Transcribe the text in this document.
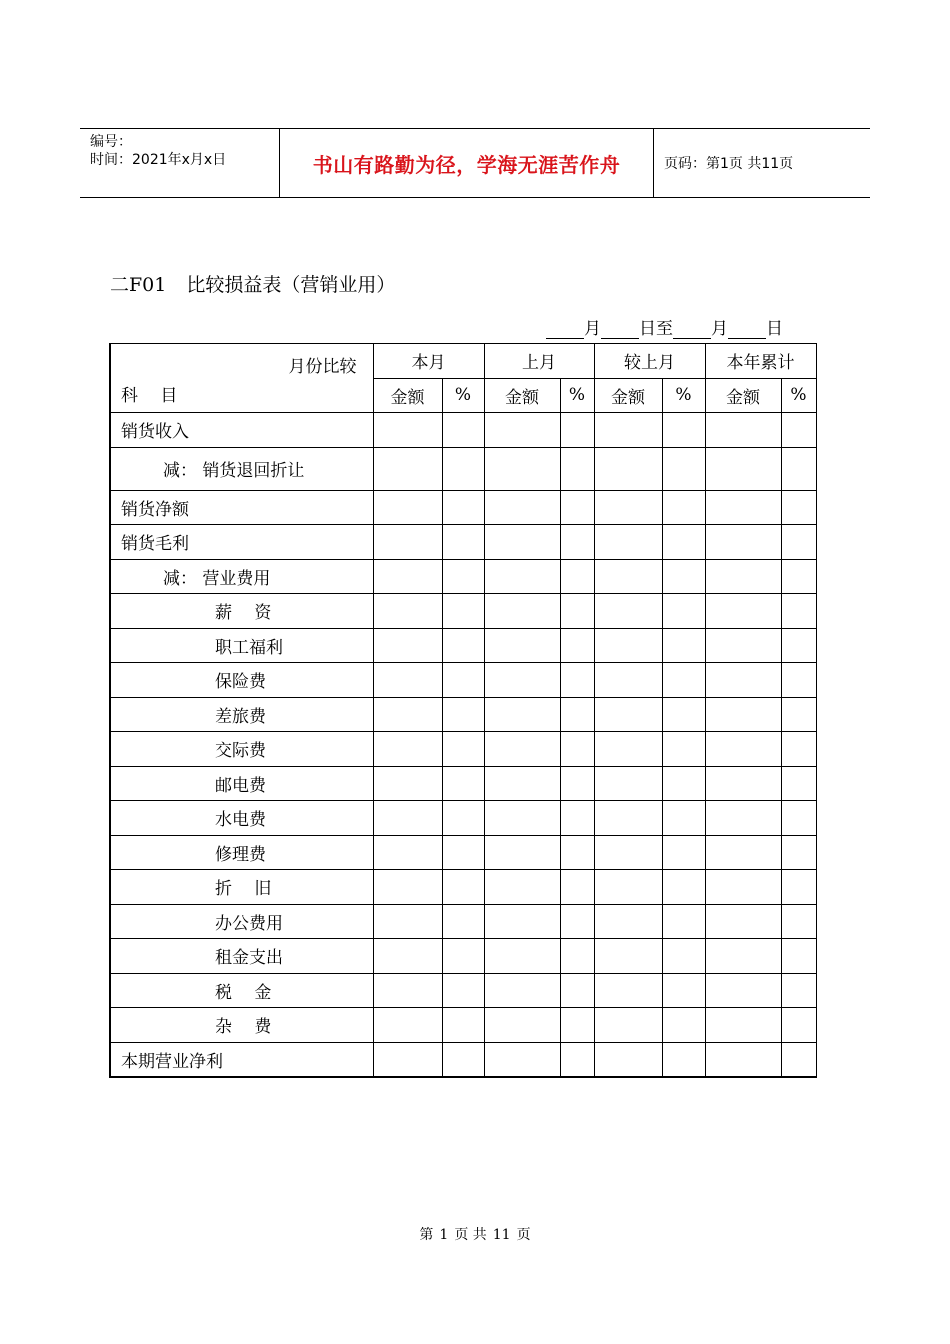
编号：
时间：2021年x月x日	书山有路勤为径，学海无涯苦作舟	页码：第1页 共11页
二F01 比较损益表（营销业用）
月 日至 月 日
月份比较
科　 目	本月		上月		较上月		本年累计	
	金额	%	金额	%	金额	%	金额	%
销货收入								
减： 销货退回折让								
销货净额								
销货毛利								
减： 营业费用								
薪　 资								
职工福利								
保险费								
差旅费								
交际费								
邮电费								
水电费								
修理费								
折　 旧								
办公费用								
租金支出								
税　 金								
杂　 费								
本期营业净利								
第 1 页 共 11 页
